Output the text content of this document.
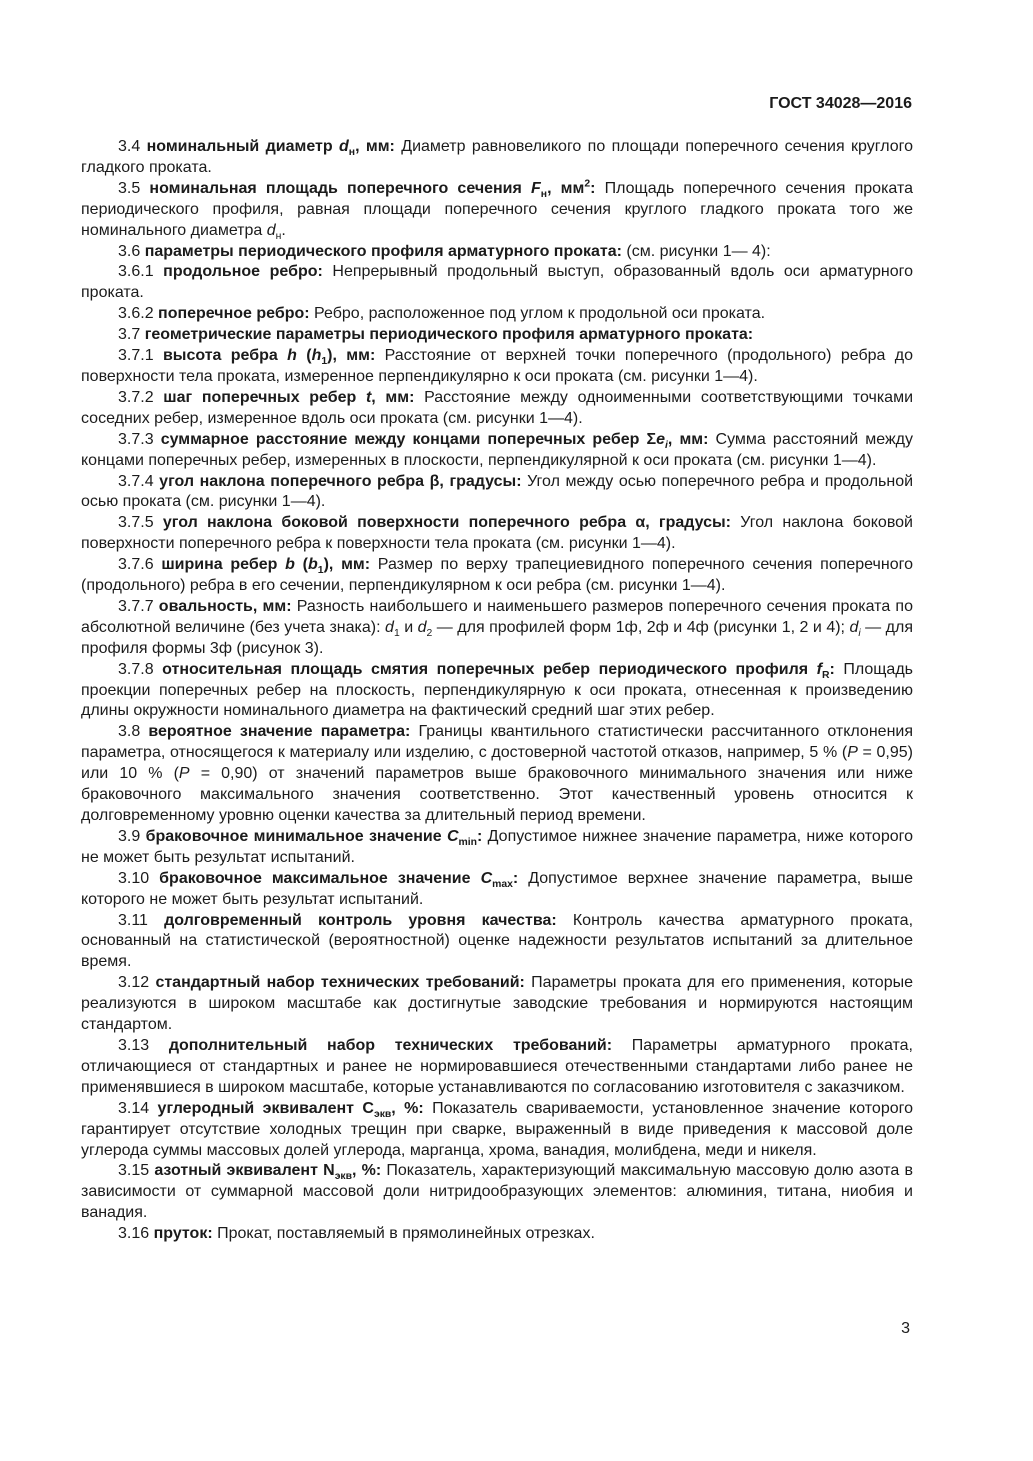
ГОСТ 34028—2016

3.4 номинальный диаметр $d_н$, мм: Диаметр равновеликого по площади поперечного сечения круглого гладкого проката.

3.5 номинальная площадь поперечного сечения $F_н$, $мм^2$: Площадь поперечного сечения проката периодического профиля, равная площади поперечного сечения круглого гладкого проката того же номинального диаметра $d_н$.

3.6 параметры периодического профиля арматурного проката: (см. рисунки 1— 4):

3.6.1 продольное ребро: Непрерывный продольный выступ, образованный вдоль оси арматурного проката.

3.6.2 поперечное ребро: Ребро, расположенное под углом к продольной оси проката.

3.7 геометрические параметры периодического профиля арматурного проката:

3.7.1 высота ребра h $(h_1)$, мм: Расстояние от верхней точки поперечного (продольного) ребра до поверхности тела проката, измеренное перпендикулярно к оси проката (см. рисунки 1—4).

3.7.2 шаг поперечных ребер t, мм: Расстояние между одноименными соответствующими точками соседних ребер, измеренное вдоль оси проката (см. рисунки 1—4).

3.7.3 суммарное расстояние между концами поперечных ребер $\Sigma e_i$, мм: Сумма расстояний между концами поперечных ребер, измеренных в плоскости, перпендикулярной к оси проката (см. рисунки 1—4).

3.7.4 угол наклона поперечного ребра β, градусы: Угол между осью поперечного ребра и продольной осью проката (см. рисунки 1—4).

3.7.5 угол наклона боковой поверхности поперечного ребра α, градусы: Угол наклона боковой поверхности поперечного ребра к поверхности тела проката (см. рисунки 1—4).

3.7.6 ширина ребер b $(b_1)$, мм: Размер по верху трапециевидного поперечного сечения поперечного (продольного) ребра в его сечении, перпендикулярном к оси ребра (см. рисунки 1—4).

3.7.7 овальность, мм: Разность наибольшего и наименьшего размеров поперечного сечения проката по абсолютной величине (без учета знака): $d_1$ и $d_2$ — для профилей форм 1ф, 2ф и 4ф (рисунки 1, 2 и 4); $d_i$ — для профиля формы 3ф (рисунок 3).

3.7.8 относительная площадь смятия поперечных ребер периодического профиля $f_R$: Площадь проекции поперечных ребер на плоскость, перпендикулярную к оси проката, отнесенная к произведению длины окружности номинального диаметра на фактический средний шаг этих ребер.

3.8 вероятное значение параметра: Границы квантильного статистически рассчитанного отклонения параметра, относящегося к материалу или изделию, с достоверной частотой отказов, например, 5 % (P = 0,95) или 10 % (P = 0,90) от значений параметров выше браковочного минимального значения или ниже браковочного максимального значения соответственно. Этот качественный уровень относится к долговременному уровню оценки качества за длительный период времени.

3.9 браковочное минимальное значение $C_{min}$: Допустимое нижнее значение параметра, ниже которого не может быть результат испытаний.

3.10 браковочное максимальное значение $C_{max}$: Допустимое верхнее значение параметра, выше которого не может быть результат испытаний.

3.11 долговременный контроль уровня качества: Контроль качества арматурного проката, основанный на статистической (вероятностной) оценке надежности результатов испытаний за длительное время.

3.12 стандартный набор технических требований: Параметры проката для его применения, которые реализуются в широком масштабе как достигнутые заводские требования и нормируются настоящим стандартом.

3.13 дополнительный набор технических требований: Параметры арматурного проката, отличающиеся от стандартных и ранее не нормировавшиеся отечественными стандартами либо ранее не применявшиеся в широком масштабе, которые устанавливаются по согласованию изготовителя с заказчиком.

3.14 углеродный эквивалент $C_{экв}$, %: Показатель свариваемости, установленное значение которого гарантирует отсутствие холодных трещин при сварке, выраженный в виде приведения к массовой доле углерода суммы массовых долей углерода, марганца, хрома, ванадия, молибдена, меди и никеля.

3.15 азотный эквивалент $N_{экв}$, %: Показатель, характеризующий максимальную массовую долю азота в зависимости от суммарной массовой доли нитридообразующих элементов: алюминия, титана, ниобия и ванадия.

3.16 пруток: Прокат, поставляемый в прямолинейных отрезках.

3
